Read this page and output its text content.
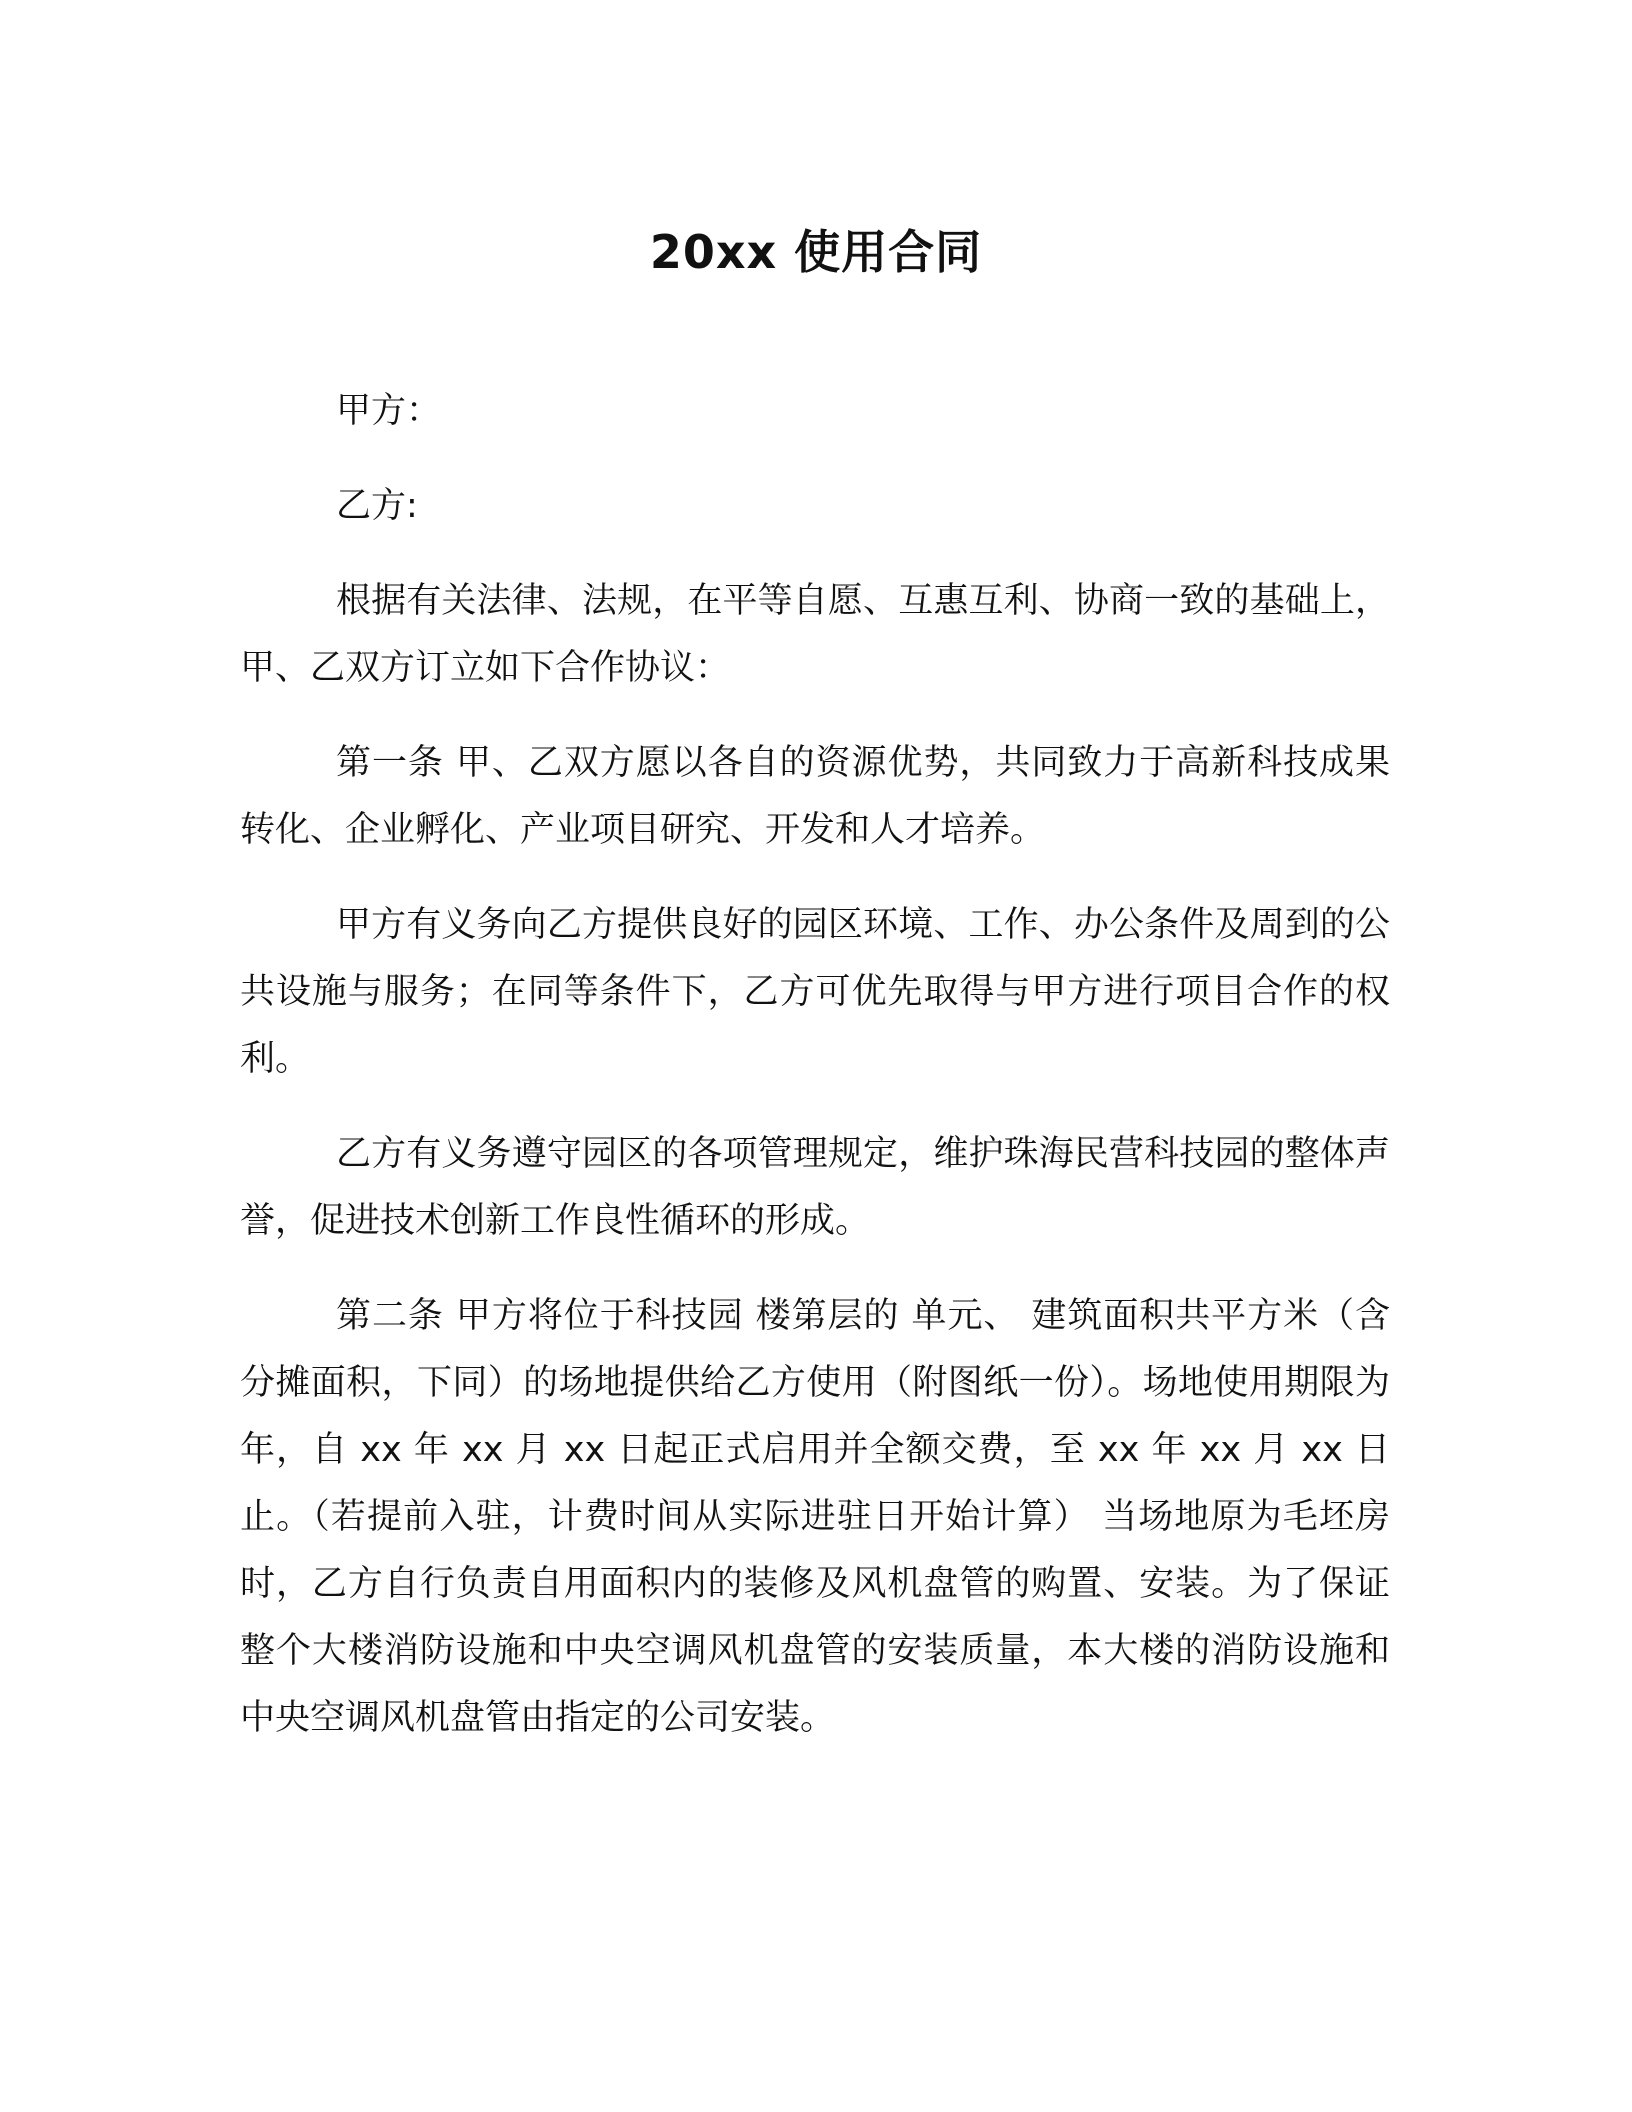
20xx 使用合同

甲方：

乙方:

根据有关法律、法规，在平等自愿、互惠互利、协商一致的基础上，甲、乙双方订立如下合作协议：

第一条 甲、乙双方愿以各自的资源优势，共同致力于高新科技成果转化、企业孵化、产业项目研究、开发和人才培养。

甲方有义务向乙方提供良好的园区环境、工作、办公条件及周到的公共设施与服务；在同等条件下，乙方可优先取得与甲方进行项目合作的权利。

乙方有义务遵守园区的各项管理规定，维护珠海民营科技园的整体声誉，促进技术创新工作良性循环的形成。

第二条 甲方将位于科技园 楼第层的 单元、 建筑面积共平方米（含分摊面积，下同）的场地提供给乙方使用（附图纸一份）。场地使用期限为年，自 xx 年 xx 月 xx 日起正式启用并全额交费，至 xx 年 xx 月 xx 日 止。（若提前入驻，计费时间从实际进驻日开始计算） 当场地原为毛坯房时，乙方自行负责自用面积内的装修及风机盘管的购置、安装。为了保证整个大楼消防设施和中央空调风机盘管的安装质量，本大楼的消防设施和中央空调风机盘管由指定的公司安装。
